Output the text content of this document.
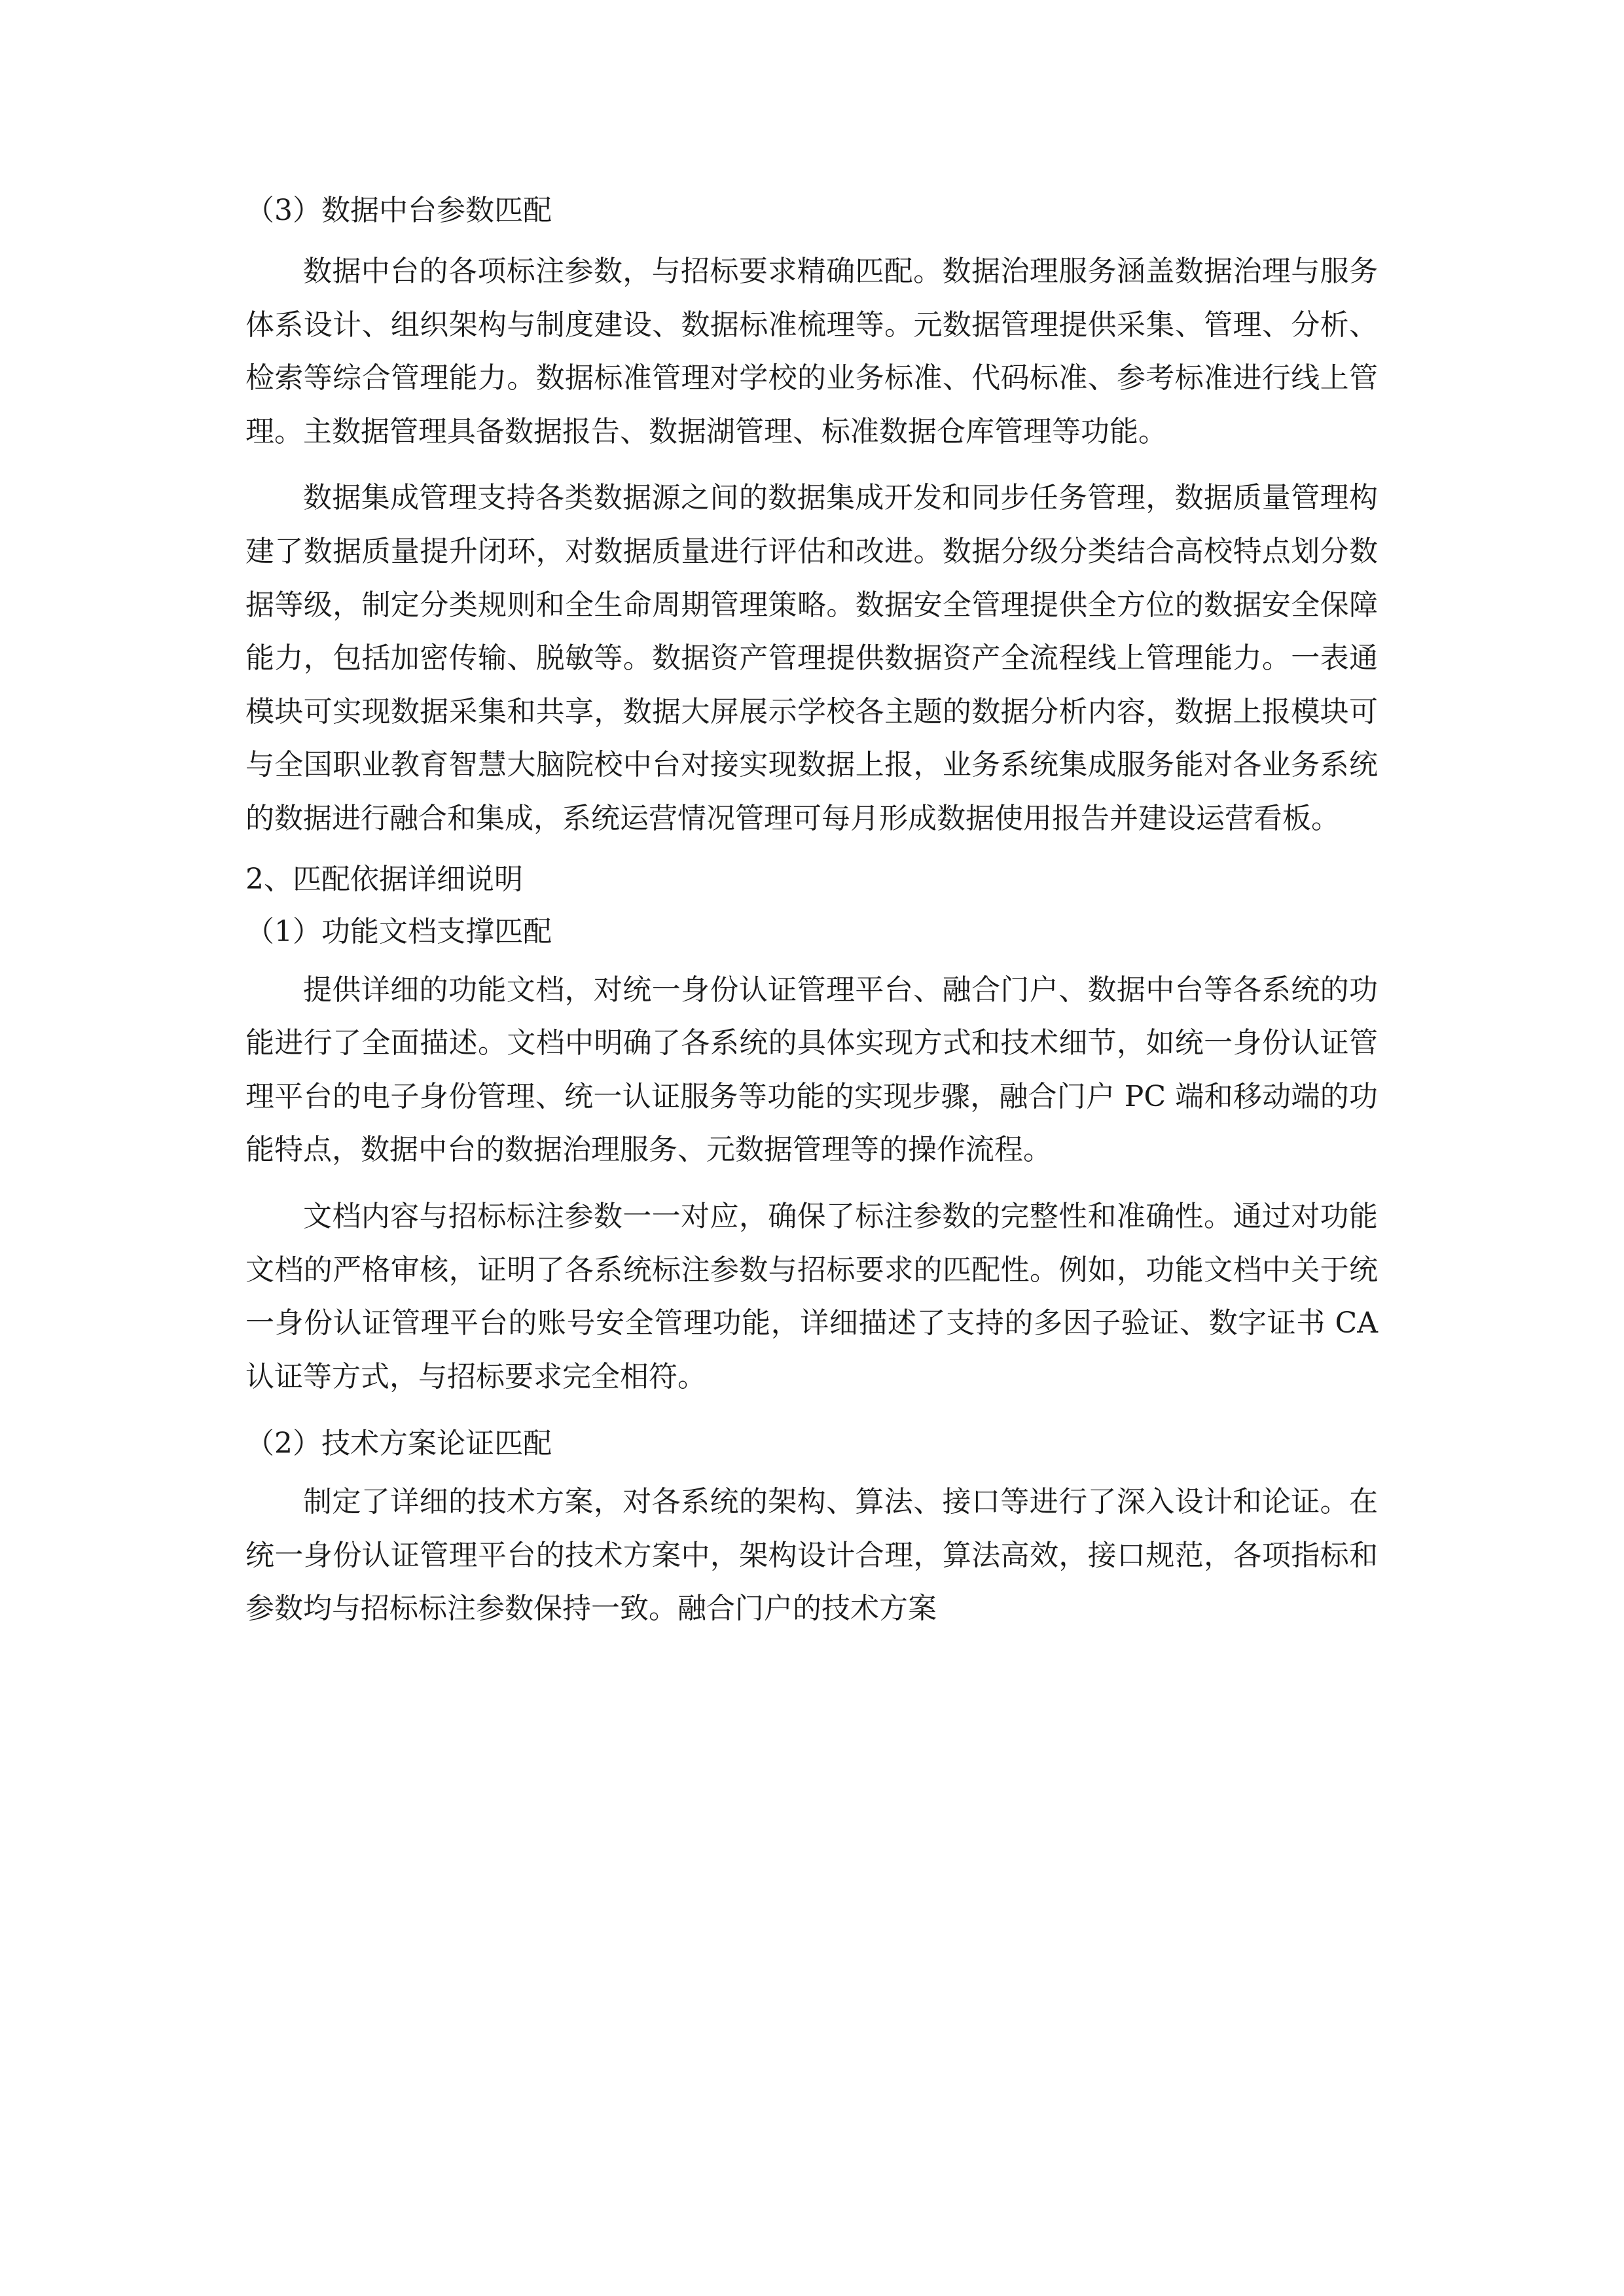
（3）数据中台参数匹配

数据中台的各项标注参数，与招标要求精确匹配。数据治理服务涵盖数据治理与服务体系设计、组织架构与制度建设、数据标准梳理等。元数据管理提供采集、管理、分析、检索等综合管理能力。数据标准管理对学校的业务标准、代码标准、参考标准进行线上管理。主数据管理具备数据报告、数据湖管理、标准数据仓库管理等功能。

数据集成管理支持各类数据源之间的数据集成开发和同步任务管理，数据质量管理构建了数据质量提升闭环，对数据质量进行评估和改进。数据分级分类结合高校特点划分数据等级，制定分类规则和全生命周期管理策略。数据安全管理提供全方位的数据安全保障能力，包括加密传输、脱敏等。数据资产管理提供数据资产全流程线上管理能力。一表通模块可实现数据采集和共享，数据大屏展示学校各主题的数据分析内容，数据上报模块可与全国职业教育智慧大脑院校中台对接实现数据上报，业务系统集成服务能对各业务系统的数据进行融合和集成，系统运营情况管理可每月形成数据使用报告并建设运营看板。

2、匹配依据详细说明

（1）功能文档支撑匹配

提供详细的功能文档，对统一身份认证管理平台、融合门户、数据中台等各系统的功能进行了全面描述。文档中明确了各系统的具体实现方式和技术细节，如统一身份认证管理平台的电子身份管理、统一认证服务等功能的实现步骤，融合门户 PC 端和移动端的功能特点，数据中台的数据治理服务、元数据管理等的操作流程。

文档内容与招标标注参数一一对应，确保了标注参数的完整性和准确性。通过对功能文档的严格审核，证明了各系统标注参数与招标要求的匹配性。例如，功能文档中关于统一身份认证管理平台的账号安全管理功能，详细描述了支持的多因子验证、数字证书 CA 认证等方式，与招标要求完全相符。

（2）技术方案论证匹配

制定了详细的技术方案，对各系统的架构、算法、接口等进行了深入设计和论证。在统一身份认证管理平台的技术方案中，架构设计合理，算法高效，接口规范，各项指标和参数均与招标标注参数保持一致。融合门户的技术方案
